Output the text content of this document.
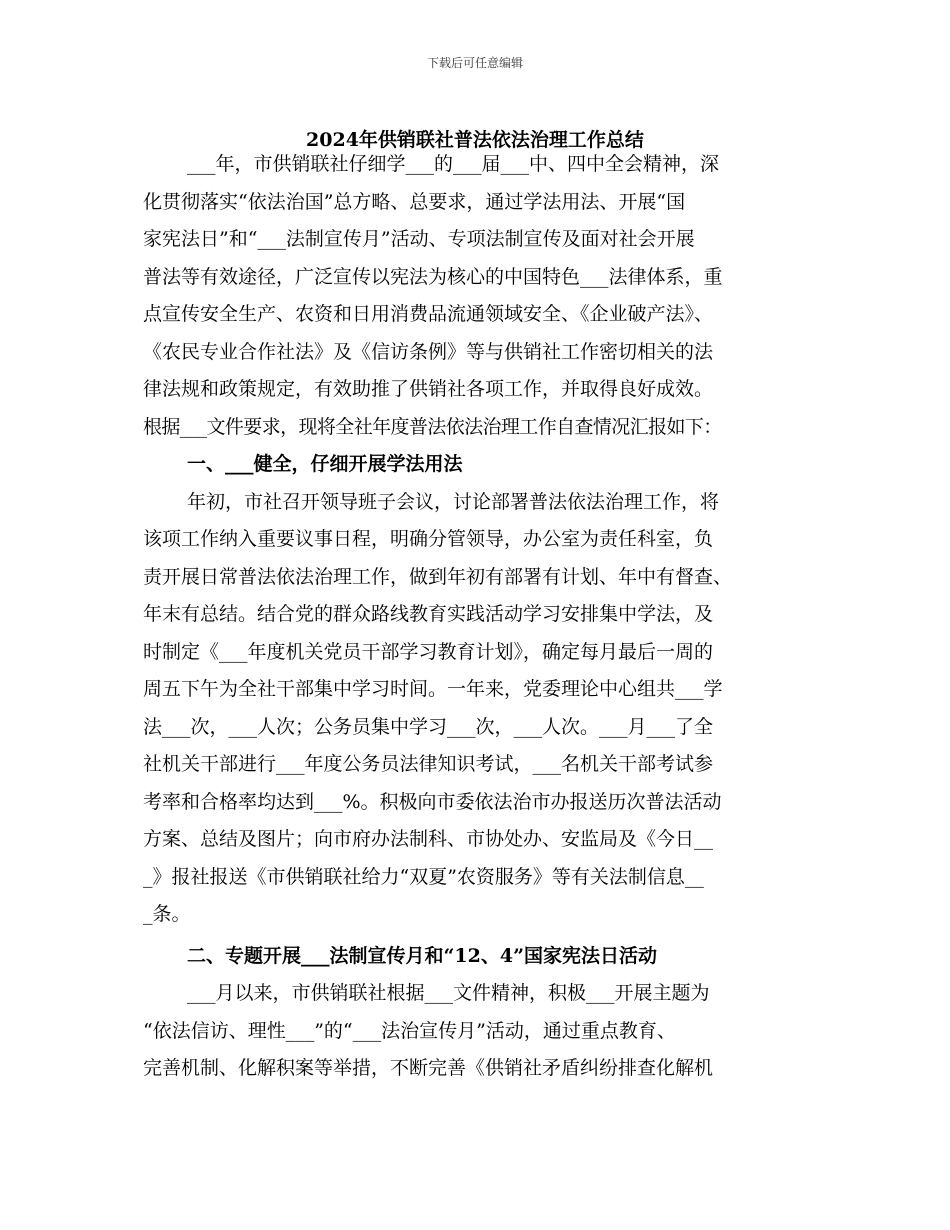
下载后可任意编辑
2024年供销联社普法依法治理工作总结
___年，市供销联社仔细学___的___届___中、四中全会精神，深
化贯彻落实“依法治国”总方略、总要求，通过学法用法、开展“国
家宪法日”和“___法制宣传月”活动、专项法制宣传及面对社会开展
普法等有效途径，广泛宣传以宪法为核心的中国特色___法律体系，重
点宣传安全生产、农资和日用消费品流通领域安全、《企业破产法》、
《农民专业合作社法》及《信访条例》等与供销社工作密切相关的法
律法规和政策规定，有效助推了供销社各项工作，并取得良好成效。
根据___文件要求，现将全社年度普法依法治理工作自查情况汇报如下：
一、___健全，仔细开展学法用法
年初，市社召开领导班子会议，讨论部署普法依法治理工作，将
该项工作纳入重要议事日程，明确分管领导，办公室为责任科室，负
责开展日常普法依法治理工作，做到年初有部署有计划、年中有督查、
年末有总结。结合党的群众路线教育实践活动学习安排集中学法，及
时制定《___年度机关党员干部学习教育计划》，确定每月最后一周的
周五下午为全社干部集中学习时间。一年来，党委理论中心组共___学
法___次，___人次；公务员集中学习___次，___人次。___月___了全
社机关干部进行___年度公务员法律知识考试，___名机关干部考试参
考率和合格率均达到___%。积极向市委依法治市办报送历次普法活动
方案、总结及图片；向市府办法制科、市协处办、安监局及《今日__
_》报社报送《市供销联社给力“双夏”农资服务》等有关法制信息__
_条。
二、专题开展___法制宣传月和“12、4”国家宪法日活动
___月以来，市供销联社根据___文件精神，积极___开展主题为
“依法信访、理性___”的“___法治宣传月”活动，通过重点教育、
完善机制、化解积案等举措，不断完善《供销社矛盾纠纷排查化解机
